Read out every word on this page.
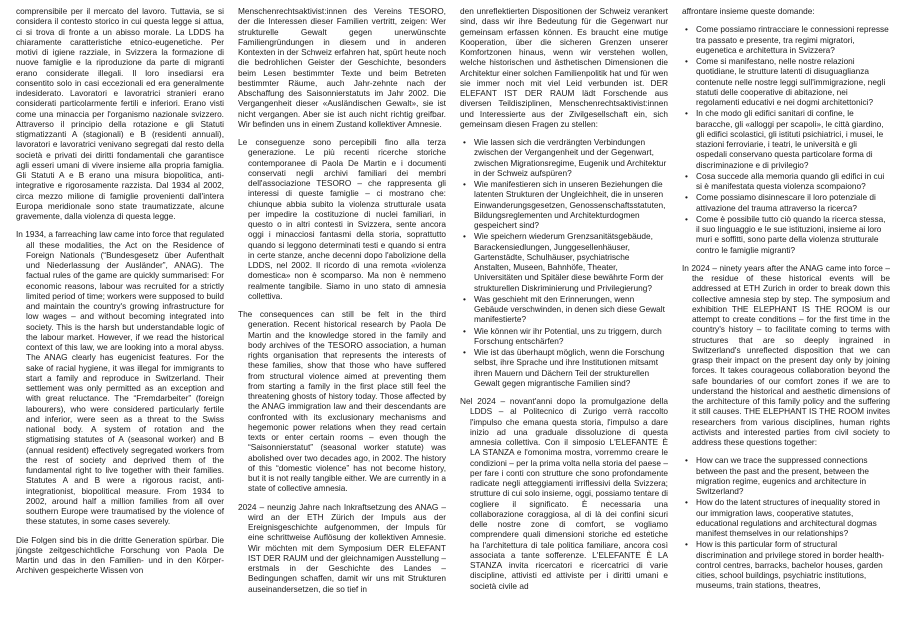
comprensibile per il mercato del lavoro. Tuttavia, se si considera il contesto storico in cui questa legge si attua, ci si trova di fronte a un abisso morale. La LDDS ha chiaramente caratteristiche etnico-eugenetiche. Per motivi di igiene razziale, in Svizzera la formazione di nuove famiglie e la riproduzione da parte di migranti erano considerate illegali. Il loro insediarsi era consentito solo in casi eccezionali ed era generalmente indesiderato. Lavoratori e lavoratrici stranieri erano considerati particolarmente fertili e inferiori. Erano visti come una minaccia per l'organismo nazionale svizzero. Attraverso il principio della rotazione e gli Statuti stigmatizzanti A (stagionali) e B (residenti annuali), lavoratori e lavoratrici venivano segregati dal resto della società e privati dei diritti fondamentali che garantisce agli esseri umani di vivere insieme alla propria famiglia. Gli Statuti A e B erano una misura biopolitica, anti-integrative e rigorosamente razzista. Dal 1934 al 2002, circa mezzo milione di famiglie provenienti dall'intera Europa meridionale sono state traumatizzate, alcune gravemente, dalla violenza di questa legge.

In 1934, a farreaching law came into force that regulated all these modalities, the Act on the Residence of Foreign Nationals (“Bundesgesetz über Aufenthalt und Niederlassung der Ausländer”, ANAG). The factual rules of the game are quickly summarised: For economic reasons, labour was recruited for a strictly limited period of time; workers were supposed to build and maintain the country's growing infrastructure for low wages – and without becoming integrated into society. This is the harsh but understandable logic of the labour market. However, if we read the historical context of this law, we are looking into a moral abyss. The ANAG clearly has eugenicist features. For the sake of racial hygiene, it was illegal for immigrants to start a family and reproduce in Switzerland. Their settlement was only permitted as an exception and with great reluctance. The “Fremdarbeiter” (foreign labourers), who were considered particularly fertile and inferior, were seen as a threat to the Swiss national body. A system of rotation and the stigmatising statutes of A (seasonal worker) and B (annual resident) effectively segregated workers from the rest of society and deprived them of the fundamental right to live together with their families. Statutes A and B were a rigorous racist, anti-integrationist, biopolitical measure. From 1934 to 2002, around half a million families from all over southern Europe were traumatised by the violence of these statutes, in some cases severely.

Die Folgen sind bis in die dritte Generation spürbar. Die jüngste zeitgeschichtliche Forschung von Paola De Martin und das in den Familien- und in den Körper-Archiven gespeicherte Wissen von

Menschenrechtsaktivist:innen des Vereins TESORO, der die Interessen dieser Familien vertritt, zeigen: Wer strukturelle Gewalt gegen unerwünschte Familiengründungen in diesem und in anderen Kontexten in der Schweiz erfahren hat, spürt heute noch die bedrohlichen Geister der Geschichte, besonders beim Lesen bestimmter Texte und beim Betreten bestimmter Räume, auch Jahr-zehnte nach der Abschaffung des Saisonnierstatuts im Jahr 2002. Die Vergangenheit dieser «Ausländischen Gewalt», sie ist nicht vergangen. Aber sie ist auch nicht richtig greifbar. Wir befinden uns in einem Zustand kollektiver Amnesie.

Le conseguenze sono percepibili fino alla terza generazione. Le più recenti ricerche storiche contemporanee di Paola De Martin e i documenti conservati negli archivi familiari dei membri dell'associazione TESORO – che rappresenta gli interessi di queste famiglie – ci mostrano che: chiunque abbia subito la violenza strutturale usata per impedire la costituzione di nuclei familiari, in questo o in altri contesti in Svizzera, sente ancora oggi i minacciosi fantasmi della storia, soprattutto quando si leggono determinati testi e quando si entra in certe stanze, anche decenni dopo l'abolizione della LDDS, nel 2002. Il ricordo di una remota «violenza domestica» non è scomparso. Ma non è nemmeno realmente tangibile. Siamo in uno stato di amnesia collettiva.

The consequences can still be felt in the third generation. Recent historical research by Paola De Martin and the knowledge stored in the family and body archives of the TESORO association, a human rights organisation that represents the interests of these families, show that those who have suffered from structural violence aimed at preventing them from starting a family in the first place still feel the threatening ghosts of history today. Those affected by the ANAG immigration law and their descendants are confronted with its exclusionary mechanisms and hegemonic power relations when they read certain texts or enter certain rooms – even though the “Saisonnierstatut” (seasonal worker statute) was abolished over two decades ago, in 2002. The history of this “domestic violence” has not become history, but it is not really tangible either. We are currently in a state of collective amnesia.

2024 – neunzig Jahre nach Inkraftsetzung des ANAG – wird an der ETH Zürich der Impuls aus der Ereignisgeschichte aufgenommen, der Impuls für eine schrittweise Auflösung der kollektiven Amnesie. Wir möchten mit dem Symposium DER ELEFANT IST DER RAUM und der gleichnamigen Ausstellung – erstmals in der Geschichte des Landes – Bedingungen schaffen, damit wir uns mit Strukturen auseinandersetzen, die so tief in

den unreflektierten Dispositionen der Schweiz verankert sind, dass wir ihre Bedeutung für die Gegenwart nur gemeinsam erfassen können. Es braucht eine mutige Kooperation, über die sicheren Grenzen unserer Komfortzonen hinaus, wenn wir verstehen wollen, welche historischen und ästhetischen Dimensionen die Architektur einer solchen Familienpolitik hat und für wen sie immer noch mit viel Leid verbunden ist. DER ELEFANT IST DER RAUM lädt Forschende aus diversen Teildisziplinen, Menschenrechtsaktivist:innen und Interessierte aus der Zivilgesellschaft ein, sich gemeinsam diesen Fragen zu stellen:

• Wie lassen sich die verdrängten Verbindungen zwischen der Vergangenheit und der Gegenwart, zwischen Migrationsregime, Eugenik und Architektur in der Schweiz aufspüren?
• Wie manifestieren sich in unseren Beziehungen die latenten Strukturen der Ungleichheit, die in unseren Einwanderungsgesetzen, Genossenschaftsstatuten, Bildungsreglementen und Architekturdogmen gespeichert sind?
• Wie speichern wiederum Grenzsanitätsgebäude, Barackensiedlungen, Junggesellenhäuser, Gartenstädte, Schulhäuser, psychiatrische Anstalten, Museen, Bahnhöfe, Theater, Universitäten und Spitäler diese bewährte Form der strukturellen Diskriminierung und Privilegierung?
• Was geschieht mit den Erinnerungen, wenn Gebäude verschwinden, in denen sich diese Gewalt manifestierte?
• Wie können wir ihr Potential, uns zu triggern, durch Forschung entschärfen?
• Wie ist das überhaupt möglich, wenn die Forschung selbst, ihre Sprache und ihre Institutionen mitsamt ihren Mauern und Dächern Teil der strukturellen Gewalt gegen migrantische Familien sind?

Nel 2024 – novant'anni dopo la promulgazione della LDDS – al Politecnico di Zurigo verrà raccolto l'impulso che emana questa storia, l'impulso a dare inizio ad una graduale dissoluzione di questa amnesia collettiva. Con il simposio L'ELEFANTE È LA STANZA e l'omonima mostra, vorremmo creare le condizioni – per la prima volta nella storia del paese – per fare i conti con strutture che sono profondamente radicate negli atteggiamenti irriflessivi della Svizzera; strutture di cui solo insieme, oggi, possiamo tentare di cogliere il significato. È necessaria una collaborazione coraggiosa, al di là dei confini sicuri delle nostre zone di comfort, se vogliamo comprendere quali dimensioni storiche ed estetiche ha l'architettura di tale politica familiare, ancora così associata a tante sofferenze. L'ELEFANTE È LA STANZA invita ricercatori e ricercatrici di varie discipline, attivisti ed attiviste per i diritti umani e società civile ad

affrontare insieme queste domande:

• Come possiamo rintracciare le connessioni represse tra passato e presente, tra regimi migratori, eugenetica e architettura in Svizzera?
• Come si manifestano, nelle nostre relazioni quotidiane, le strutture latenti di disuguaglianza contenute nelle nostre leggi sull'immigrazione, negli statuti delle cooperative di abitazione, nei regolamenti educativi e nei dogmi architettonici?
• In che modo gli edifici sanitari di confine, le baracche, gli «alloggi per scapoli», le città giardino, gli edifici scolastici, gli istituti psichiatrici, i musei, le stazioni ferroviarie, i teatri, le università e gli ospedali conservano questa particolare forma di discriminazione e di privilegio?
• Cosa succede alla memoria quando gli edifici in cui si è manifestata questa violenza scompaiono?
• Come possiamo disinnescare il loro potenziale di attivazione del trauma attraverso la ricerca?
• Come è possibile tutto ciò quando la ricerca stessa, il suo linguaggio e le sue istituzioni, insieme ai loro muri e soffitti, sono parte della violenza strutturale contro le famiglie migranti?

In 2024 – ninety years after the ANAG came into force – the residue of these historical events will be addressed at ETH Zurich in order to break down this collective amnesia step by step. The symposium and exhibition THE ELEPHANT IS THE ROOM is our attempt to create conditions – for the first time in the country's history – to facilitate coming to terms with structures that are so deeply ingrained in Switzerland's unreflected disposition that we can grasp their impact on the present day only by joining forces. It takes courageous collaboration beyond the safe boundaries of our comfort zones if we are to understand the historical and aesthetic dimensions of the architecture of this family policy and the suffering it still causes. THE ELEPHANT IS THE ROOM invites researchers from various disciplines, human rights activists and interested parties from civil society to address these questions together:

• How can we trace the suppressed connections between the past and the present, between the migration regime, eugenics and architecture in Switzerland?
• How do the latent structures of inequality stored in our immigration laws, cooperative statutes, educational regulations and architectural dogmas manifest themselves in our relationships?
• How is this particular form of structural discrimination and privilege stored in border health-control centres, barracks, bachelor houses, garden cities, school buildings, psychiatric institutions, museums, train stations, theatres,
